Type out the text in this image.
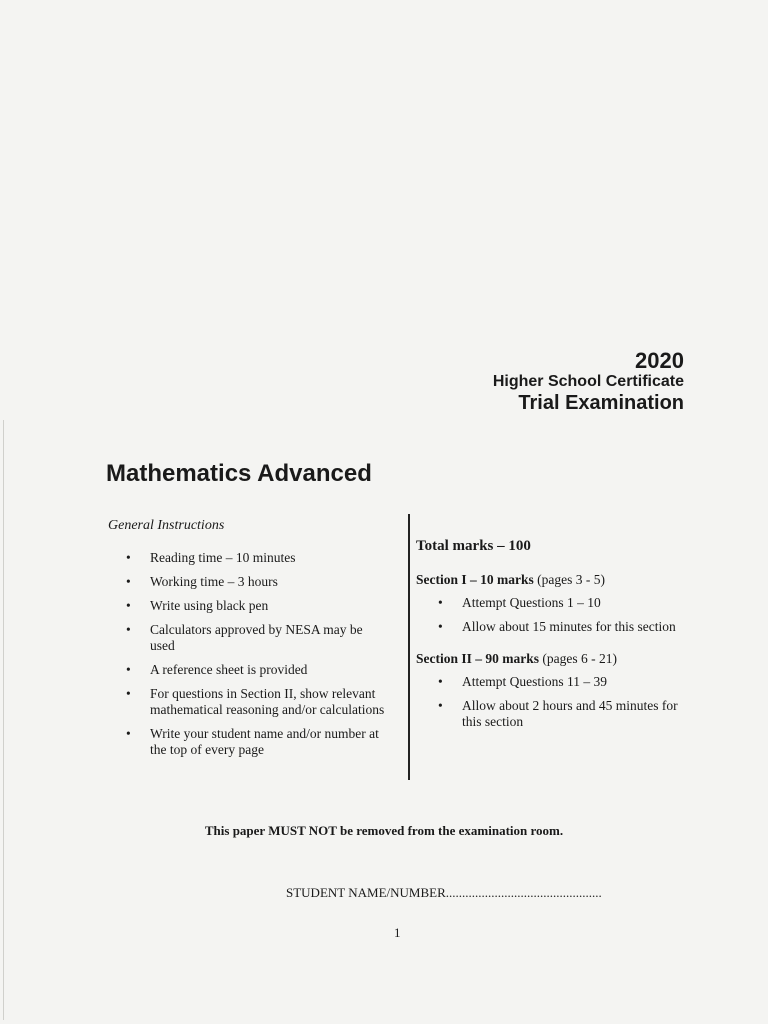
2020
Higher School Certificate
Trial Examination
Mathematics Advanced
General Instructions
• Reading time – 10 minutes
• Working time – 3 hours
• Write using black pen
• Calculators approved by NESA may be used
• A reference sheet is provided
• For questions in Section II, show relevant mathematical reasoning and/or calculations
• Write your student name and/or number at the top of every page
Total marks – 100
Section I – 10 marks (pages 3 - 5)
• Attempt Questions 1 – 10
• Allow about 15 minutes for this section
Section II – 90 marks (pages 6 - 21)
• Attempt Questions 11 – 39
• Allow about 2 hours and 45 minutes for this section
This paper MUST NOT be removed from the examination room.
STUDENT NAME/NUMBER................................................
1
